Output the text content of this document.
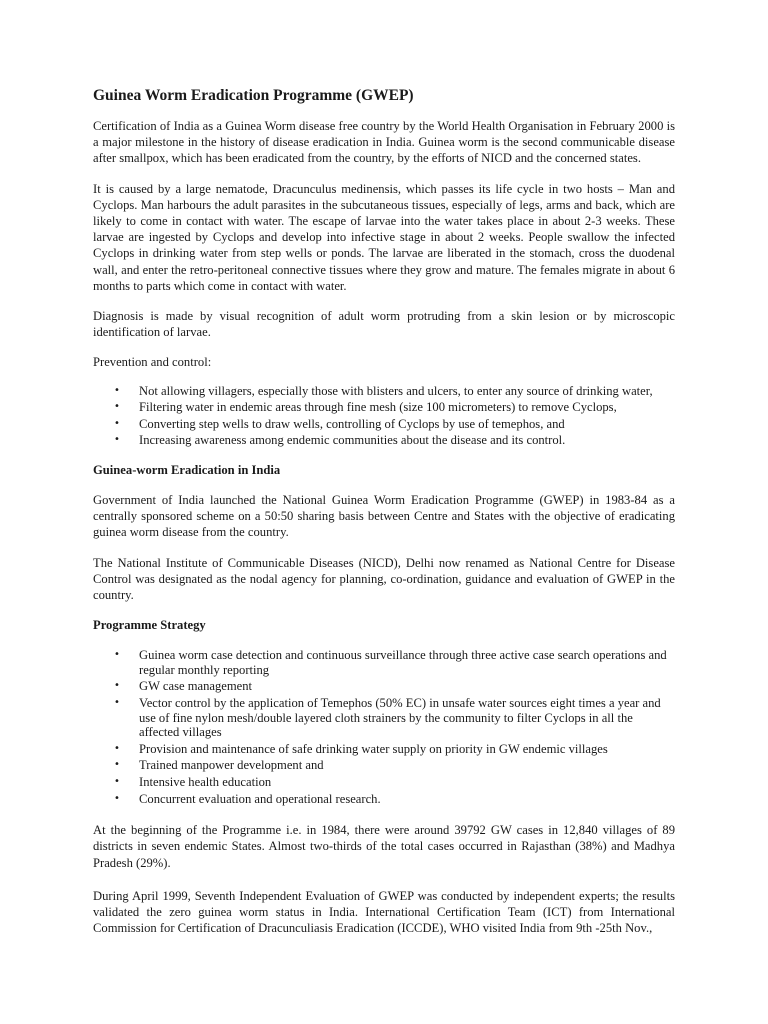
Guinea Worm Eradication Programme (GWEP)

Certification of India as a Guinea Worm disease free country by the World Health Organisation in February 2000 is a major milestone in the history of disease eradication in India. Guinea worm is the second communicable disease after smallpox, which has been eradicated from the country, by the efforts of NICD and the concerned states.

It is caused by a large nematode, Dracunculus medinensis, which passes its life cycle in two hosts – Man and Cyclops. Man harbours the adult parasites in the subcutaneous tissues, especially of legs, arms and back, which are likely to come in contact with water. The escape of larvae into the water takes place in about 2-3 weeks. These larvae are ingested by Cyclops and develop into infective stage in about 2 weeks. People swallow the infected Cyclops in drinking water from step wells or ponds. The larvae are liberated in the stomach, cross the duodenal wall, and enter the retro-peritoneal connective tissues where they grow and mature. The females migrate in about 6 months to parts which come in contact with water.

Diagnosis is made by visual recognition of adult worm protruding from a skin lesion or by microscopic identification of larvae.

Prevention and control:

• Not allowing villagers, especially those with blisters and ulcers, to enter any source of drinking water,
• Filtering water in endemic areas through fine mesh (size 100 micrometers) to remove Cyclops,
• Converting step wells to draw wells, controlling of Cyclops by use of temephos, and
• Increasing awareness among endemic communities about the disease and its control.
Guinea-worm Eradication in India

Government of India launched the National Guinea Worm Eradication Programme (GWEP) in 1983-84 as a centrally sponsored scheme on a 50:50 sharing basis between Centre and States with the objective of eradicating guinea worm disease from the country.

The National Institute of Communicable Diseases (NICD), Delhi now renamed as National Centre for Disease Control was designated as the nodal agency for planning, co-ordination, guidance and evaluation of GWEP in the country.

Programme Strategy
• Guinea worm case detection and continuous surveillance through three active case search operations and regular monthly reporting
• GW case management
• Vector control by the application of Temephos (50% EC) in unsafe water sources eight times a year and use of fine nylon mesh/double layered cloth strainers by the community to filter Cyclops in all the affected villages
• Provision and maintenance of safe drinking water supply on priority in GW endemic villages
• Trained manpower development and
• Intensive health education
• Concurrent evaluation and operational research.

At the beginning of the Programme i.e. in 1984, there were around 39792 GW cases in 12,840 villages of 89 districts in seven endemic States. Almost two-thirds of the total cases occurred in Rajasthan (38%) and Madhya Pradesh (29%).

During April 1999, Seventh Independent Evaluation of GWEP was conducted by independent experts; the results validated the zero guinea worm status in India. International Certification Team (ICT) from International Commission for Certification of Dracunculiasis Eradication (ICCDE), WHO visited India from 9th -25th Nov.,
